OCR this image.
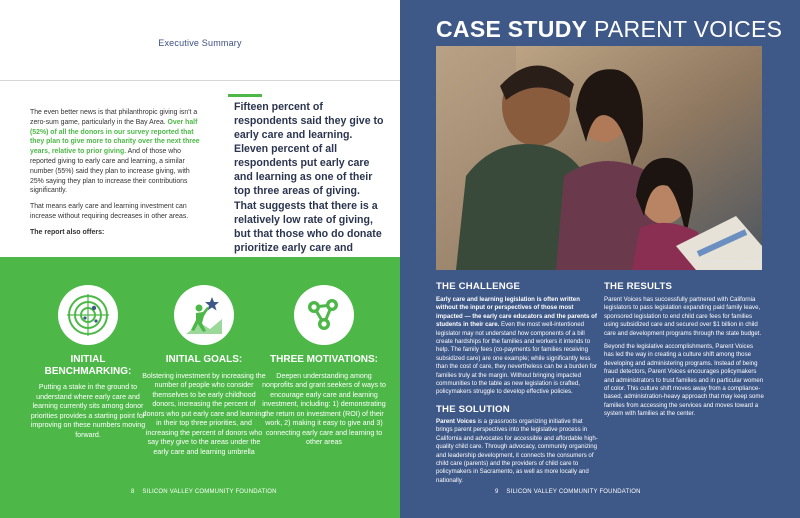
Executive Summary

The even better news is that philanthropic giving isn't a zero-sum game, particularly in the Bay Area. Over half (52%) of all the donors in our survey reported that they plan to give more to charity over the next three years, relative to prior giving. And of those who reported giving to early care and learning, a similar number (55%) said they plan to increase giving, with 25% saying they plan to increase their contributions significantly.

That means early care and learning investment can increase without requiring decreases in other areas.

The report also offers:

Fifteen percent of respondents said they give to early care and learning. Eleven percent of all respondents put early care and learning as one of their top three areas of giving. That suggests that there is a relatively low rate of giving, but that those who do donate prioritize early care and
INITIAL BENCHMARKING:
Putting a stake in the ground to understand where early care and learning currently sits among donor priorities provides a starting point for improving on these numbers moving forward.
INITIAL GOALS:
Bolstering investment by increasing the number of people who consider themselves to be early childhood donors, increasing the percent of donors who put early care and learning in their top three priorities, and increasing the percent of donors who say they give to the areas under the early care and learning umbrella
THREE MOTIVATIONS:
Deepen understanding among nonprofits and grant seekers of ways to encourage early care and learning investment, including: 1) demonstrating the return on investment (ROI) of their work, 2) making it easy to give and 3) connecting early care and learning to other areas
8 SILICON VALLEY COMMUNITY FOUNDATION
CASE STUDY PARENT VOICES
Photo: Courtesy The Big Lift
THE CHALLENGE
Early care and learning legislation is often written without the input or perspectives of those most impacted — the early care educators and the parents of students in their care. Even the most well-intentioned legislator may not understand how components of a bill create hardships for the families and workers it intends to help. The family fees (co-payments for families receiving subsidized care) are one example; while significantly less than the cost of care, they nevertheless can be a burden for families truly at the margin. Without bringing impacted communities to the table as new legislation is crafted, policymakers struggle to develop effective policies.
THE SOLUTION
Parent Voices is a grassroots organizing initiative that brings parent perspectives into the legislative process in California and advocates for accessible and affordable high-quality child care. Through advocacy, community organizing and leadership development, it connects the consumers of child care (parents) and the providers of child care to policymakers in Sacramento, as well as more locally and nationally.
THE RESULTS

Parent Voices has successfully partnered with California legislators to pass legislation expanding paid family leave, sponsored legislation to end child care fees for families using subsidized care and secured over $1 billion in child care and development programs through the state budget.

Beyond the legislative accomplishments, Parent Voices has led the way in creating a culture shift among those developing and administering programs. Instead of being fraud detectors, Parent Voices encourages policymakers and administrators to trust families and in particular women of color. This culture shift moves away from a compliance-based, administration-heavy approach that may keep some families from accessing the services and moves toward a system with families at the center.

9 SILICON VALLEY COMMUNITY FOUNDATION
